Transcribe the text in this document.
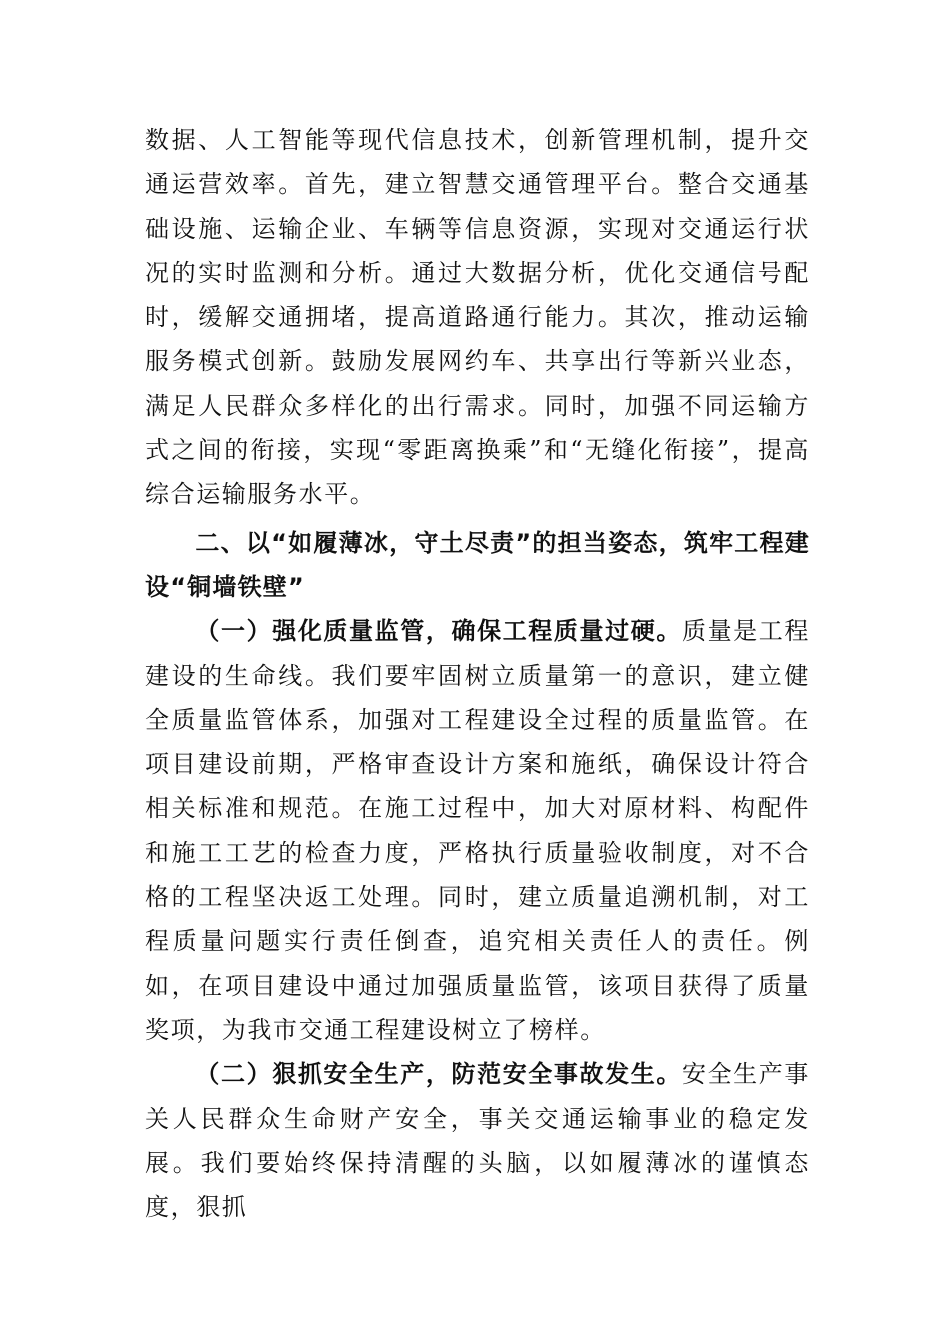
数据、人工智能等现代信息技术，创新管理机制，提升交通运营效率。首先，建立智慧交通管理平台。整合交通基础设施、运输企业、车辆等信息资源，实现对交通运行状况的实时监测和分析。通过大数据分析，优化交通信号配时，缓解交通拥堵，提高道路通行能力。其次，推动运输服务模式创新。鼓励发展网约车、共享出行等新兴业态，满足人民群众多样化的出行需求。同时，加强不同运输方式之间的衔接，实现“零距离换乘”和“无缝化衔接”，提高综合运输服务水平。

二、以“如履薄冰，守土尽责”的担当姿态，筑牢工程建设“铜墙铁壁”

（一）强化质量监管，确保工程质量过硬。质量是工程建设的生命线。我们要牢固树立质量第一的意识，建立健全质量监管体系，加强对工程建设全过程的质量监管。在项目建设前期，严格审查设计方案和施纸，确保设计符合相关标准和规范。在施工过程中，加大对原材料、构配件和施工工艺的检查力度，严格执行质量验收制度，对不合格的工程坚决返工处理。同时，建立质量追溯机制，对工程质量问题实行责任倒查，追究相关责任人的责任。例如，在项目建设中通过加强质量监管，该项目获得了质量奖项，为我市交通工程建设树立了榜样。

（二）狠抓安全生产，防范安全事故发生。安全生产事关人民群众生命财产安全，事关交通运输事业的稳定发展。我们要始终保持清醒的头脑，以如履薄冰的谨慎态度，狠抓
